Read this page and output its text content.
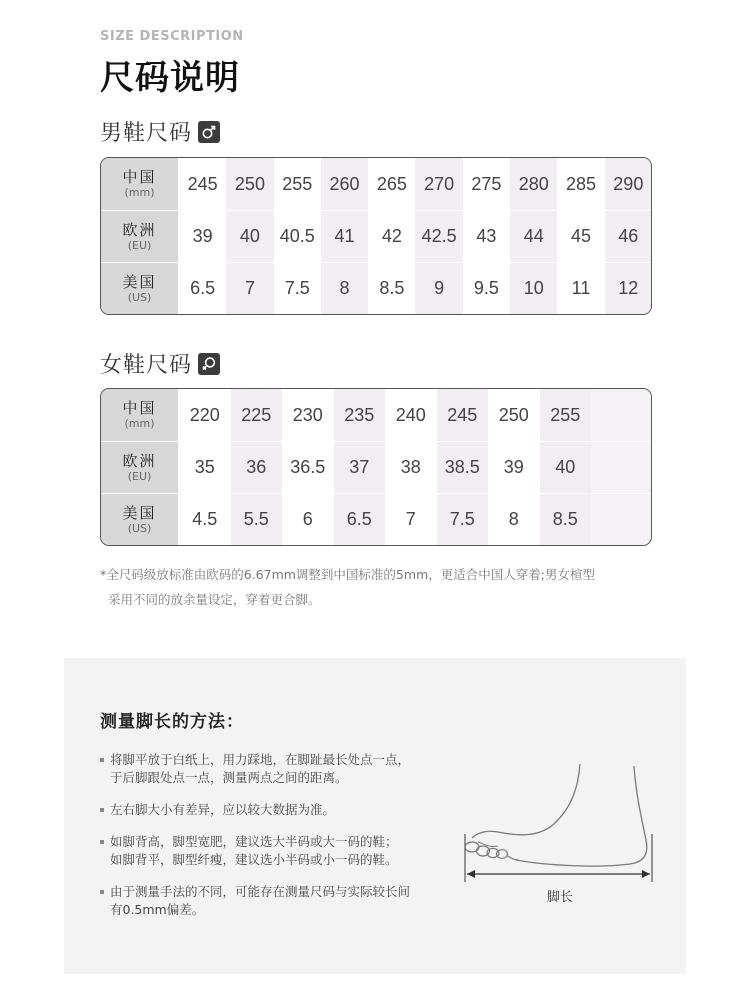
SIZE DESCRIPTION
尺码说明
男鞋尺码
中国
(mm)	245 250 255 260 265 270 275 280 285 290
欧洲
(EU)	39	40	40.5	41	42	42.5	43	44	45	46
美国
(US)	6.5	7	7.5	8	8.5	9	9.5	10	11	12
女鞋尺码
中国
(mm)	220	225	230	235	240	245	250	255
欧洲
(EU)	35	36	36.5	37	38	38.5	39	40
美国
(US)	4.5	5.5	6	6.5	7	7.5	8	8.5
*全尺码级放标准由欧码的6.67mm调整到中国标准的5mm，更适合中国人穿着;男女楦型
采用不同的放余量设定，穿着更合脚。
测量脚长的方法：
将脚平放于白纸上，用力踩地，在脚趾最长处点一点，
于后脚跟处点一点，测量两点之间的距离。
左右脚大小有差异，应以较大数据为准。
如脚背高，脚型宽肥，建议选大半码或大一码的鞋；
如脚背平，脚型纤瘦，建议选小半码或小一码的鞋。
由于测量手法的不同，可能存在测量尺码与实际较长间
有0.5mm偏差。
脚长
